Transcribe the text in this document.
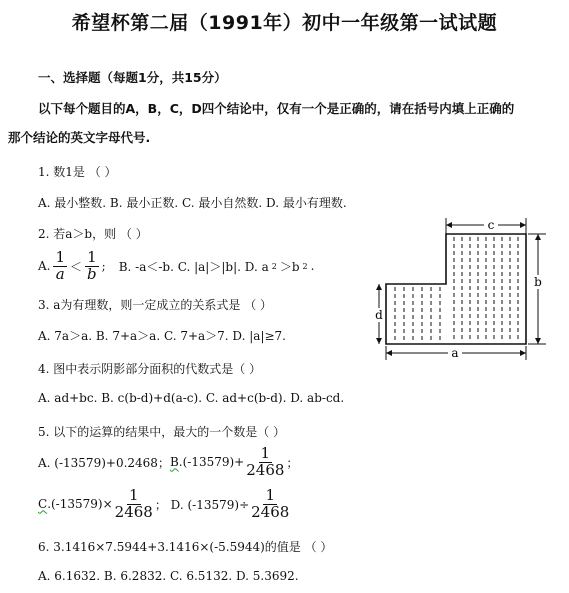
希望杯第二届（1991年）初中一年级第一试试题
一、选择题（每题1分，共15分）
以下每个题目的A，B，C，D四个结论中，仅有一个是正确的，请在括号内填上正确的
那个结论的英文字母代号.
1. 数1是 （ ）
A. 最小整数. B. 最小正数. C. 最小自然数. D. 最小有理数.
2. 若a＞b，则 （ ）
A. $\frac{1}{a} < \frac{1}{b}$ ; B. -a＜-b. C. |a|＞|b|. D. a 2 ＞b 2 .
3. a为有理数，则一定成立的关系式是 （ ）
A. 7a＞a. B. 7+a＞a. C. 7+a＞7. D. |a|≥7.
4. 图中表示阴影部分面积的代数式是（ ）
A. ad+bc. B. c(b-d)+d(a-c). C. ad+c(b-d). D. ab-cd.
5. 以下的运算的结果中，最大的一个数是（ ）
A. (-13579)+0.2468； B $.(-13579)+ \frac{1}{2468}$ ；
C $.(-13579)\times \frac{1}{2468}$ ； D. $(-13579)\div \frac{1}{2468}$
6. 3.1416×7.5944+3.1416×(-5.5944)的值是 （ ）
A. 6.1632. B. 6.2832. C. 6.5132. D. 5.3692.
c
d
b
a
